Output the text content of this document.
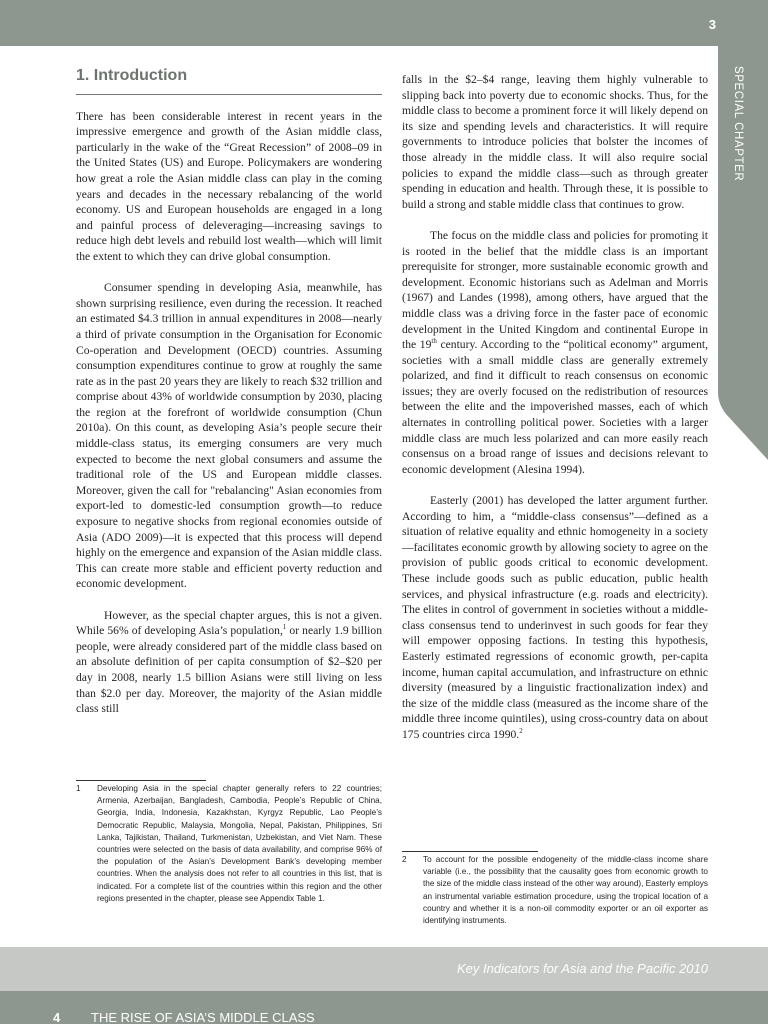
3
SPECIAL CHAPTER
1. Introduction

There has been considerable interest in recent years in the impressive emergence and growth of the Asian middle class, particularly in the wake of the “Great Recession” of 2008–09 in the United States (US) and Europe. Policymakers are wondering how great a role the Asian middle class can play in the coming years and decades in the necessary rebalancing of the world economy. US and European households are engaged in a long and painful process of deleveraging—increasing savings to reduce high debt levels and rebuild lost wealth—which will limit the extent to which they can drive global consumption.

Consumer spending in developing Asia, meanwhile, has shown surprising resilience, even during the recession. It reached an estimated $4.3 trillion in annual expenditures in 2008—nearly a third of private consumption in the Organisation for Economic Co-operation and Development (OECD) countries. Assuming consumption expenditures continue to grow at roughly the same rate as in the past 20 years they are likely to reach $32 trillion and comprise about 43% of worldwide consumption by 2030, placing the region at the forefront of worldwide consumption (Chun 2010a). On this count, as developing Asia’s people secure their middle-class status, its emerging consumers are very much expected to become the next global consumers and assume the traditional role of the US and European middle classes. Moreover, given the call for "rebalancing" Asian economies from export-led to domestic-led consumption growth—to reduce exposure to negative shocks from regional economies outside of Asia (ADO 2009)—it is expected that this process will depend highly on the emergence and expansion of the Asian middle class. This can create more stable and efficient poverty reduction and economic development.

However, as the special chapter argues, this is not a given. While 56% of developing Asia’s population,$^1$ or nearly 1.9 billion people, were already considered part of the middle class based on an absolute definition of per capita consumption of $2–$20 per day in 2008, nearly 1.5 billion Asians were still living on less than $2.0 per day. Moreover, the majority of the Asian middle class still

1 Developing Asia in the special chapter generally refers to 22 countries; Armenia, Azerbaijan, Bangladesh, Cambodia, People’s Republic of China, Georgia, India, Indonesia, Kazakhstan, Kyrgyz Republic, Lao People’s Democratic Republic, Malaysia, Mongolia, Nepal, Pakistan, Philippines, Sri Lanka, Tajikistan, Thailand, Turkmenistan, Uzbekistan, and Viet Nam. These countries were selected on the basis of data availability, and comprise 96% of the population of the Asian’s Development Bank’s developing member countries. When the analysis does not refer to all countries in this list, that is indicated. For a complete list of the countries within this region and the other regions presented in the chapter, please see Appendix Table 1.

falls in the $2–$4 range, leaving them highly vulnerable to slipping back into poverty due to economic shocks. Thus, for the middle class to become a prominent force it will likely depend on its size and spending levels and characteristics. It will require governments to introduce policies that bolster the incomes of those already in the middle class. It will also require social policies to expand the middle class—such as through greater spending in education and health. Through these, it is possible to build a strong and stable middle class that continues to grow.

The focus on the middle class and policies for promoting it is rooted in the belief that the middle class is an important prerequisite for stronger, more sustainable economic growth and development. Economic historians such as Adelman and Morris (1967) and Landes (1998), among others, have argued that the middle class was a driving force in the faster pace of economic development in the United Kingdom and continental Europe in the 19th century. According to the “political economy” argument, societies with a small middle class are generally extremely polarized, and find it difficult to reach consensus on economic issues; they are overly focused on the redistribution of resources between the elite and the impoverished masses, each of which alternates in controlling political power. Societies with a larger middle class are much less polarized and can more easily reach consensus on a broad range of issues and decisions relevant to economic development (Alesina 1994).

Easterly (2001) has developed the latter argument further. According to him, a “middle-class consensus”—defined as a situation of relative equality and ethnic homogeneity in a society—facilitates economic growth by allowing society to agree on the provision of public goods critical to economic development. These include goods such as public education, public health services, and physical infrastructure (e.g. roads and electricity). The elites in control of government in societies without a middle-class consensus tend to underinvest in such goods for fear they will empower opposing factions. In testing this hypothesis, Easterly estimated regressions of economic growth, per-capita income, human capital accumulation, and infrastructure on ethnic diversity (measured by a linguistic fractionalization index) and the size of the middle class (measured as the income share of the middle three income quintiles), using cross-country data on about 175 countries circa 1990.$^2$

2 To account for the possible endogeneity of the middle-class income share variable (i.e., the possibility that the causality goes from economic growth to the size of the middle class instead of the other way around), Easterly employs an instrumental variable estimation procedure, using the tropical location of a country and whether it is a non-oil commodity exporter or an oil exporter as identifying instruments.
Key Indicators for Asia and the Pacific 2010
4 THE RISE OF ASIA’S MIDDLE CLASS
